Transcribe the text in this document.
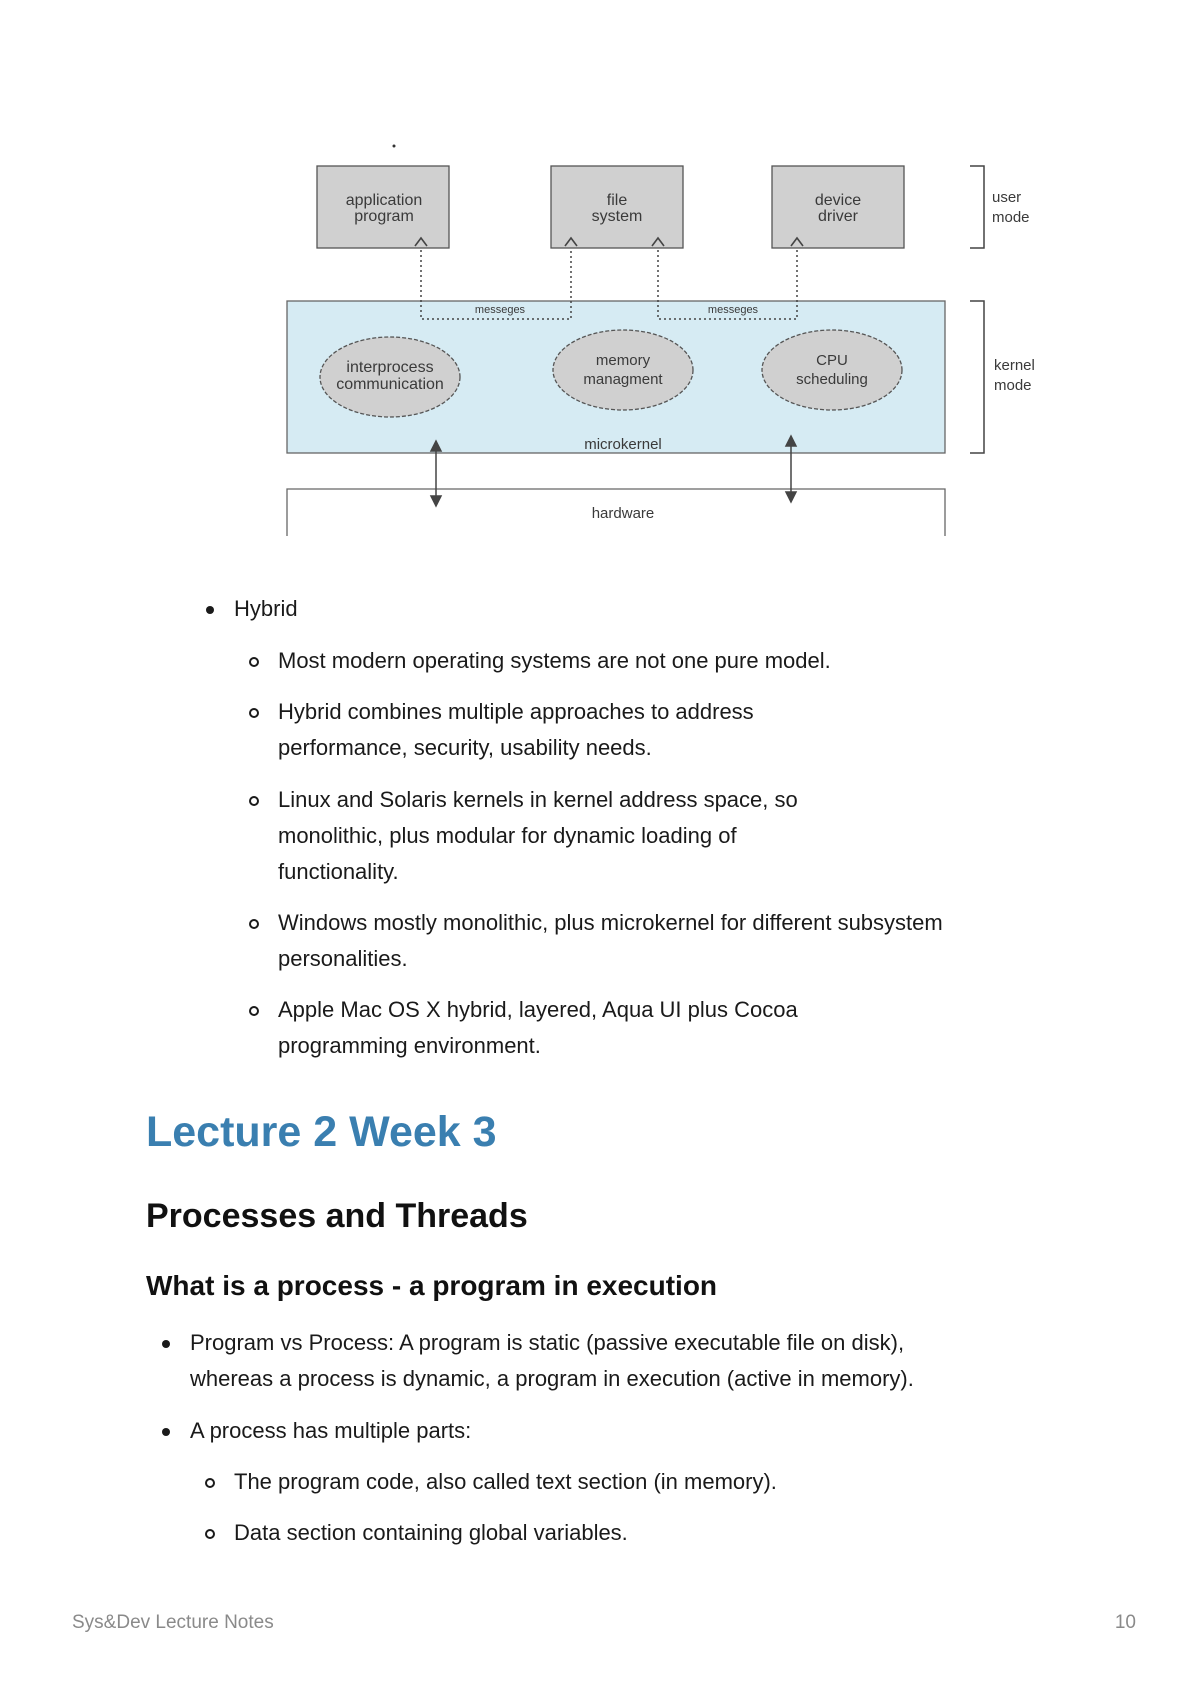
application program
file system
device driver
messeges	messeges
interprocess communication
memory managment
CPU scheduling
microkernel
hardware
user mode
kernel mode
Hybrid
Most modern operating systems are not one pure model.
Hybrid combines multiple approaches to address
performance, security, usability needs.
Linux and Solaris kernels in kernel address space, so
monolithic, plus modular for dynamic loading of
functionality.
Windows mostly monolithic, plus microkernel for different subsystem
personalities.
Apple Mac OS X hybrid, layered, Aqua UI plus Cocoa
programming environment.
Lecture 2 Week 3
Processes and Threads
What is a process - a program in execution
Program vs Process: A program is static (passive executable file on disk),
whereas a process is dynamic, a program in execution (active in memory).
A process has multiple parts:
The program code, also called text section (in memory).
Data section containing global variables.
Sys&Dev Lecture Notes	10
